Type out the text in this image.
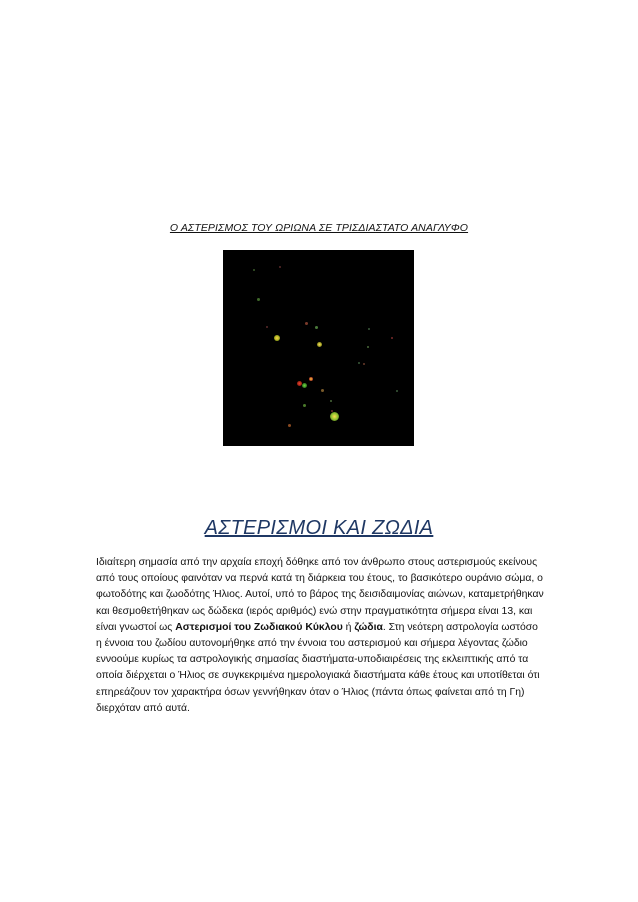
Ο ΑΣΤΕΡΙΣΜΟΣ ΤΟΥ ΩΡΙΩΝΑ ΣΕ ΤΡΙΣΔΙΑΣΤΑΤΟ ΑΝΑΓΛΥΦΟ
ΑΣΤΕΡΙΣΜΟΙ ΚΑΙ ΖΩΔΙΑ

Ιδιαίτερη σημασία από την αρχαία εποχή δόθηκε από τον άνθρωπο στους αστερισμούς εκείνους από τους οποίους φαινόταν να περνά κατά τη διάρκεια του έτους, το βασικότερο ουράνιο σώμα, ο φωτοδότης και ζωοδότης Ήλιος. Αυτοί, υπό το βάρος της δεισιδαιμονίας αιώνων, καταμετρήθηκαν και θεσμοθετήθηκαν ως δώδεκα (ιερός αριθμός) ενώ στην πραγματικότητα σήμερα είναι 13, και είναι γνωστοί ως Αστερισμοί του Ζωδιακού Κύκλου ή ζώδια. Στη νεότερη αστρολογία ωστόσο η έννοια του ζωδίου αυτονομήθηκε από την έννοια του αστερισμού και σήμερα λέγοντας ζώδιο εννοούμε κυρίως τα αστρολογικής σημασίας διαστήματα-υποδιαιρέσεις της εκλειπτικής από τα οποία διέρχεται ο Ήλιος σε συγκεκριμένα ημερολογιακά διαστήματα κάθε έτους και υποτίθεται ότι επηρεάζουν τον χαρακτήρα όσων γεννήθηκαν όταν ο Ήλιος (πάντα όπως φαίνεται από τη Γη) διερχόταν από αυτά.
